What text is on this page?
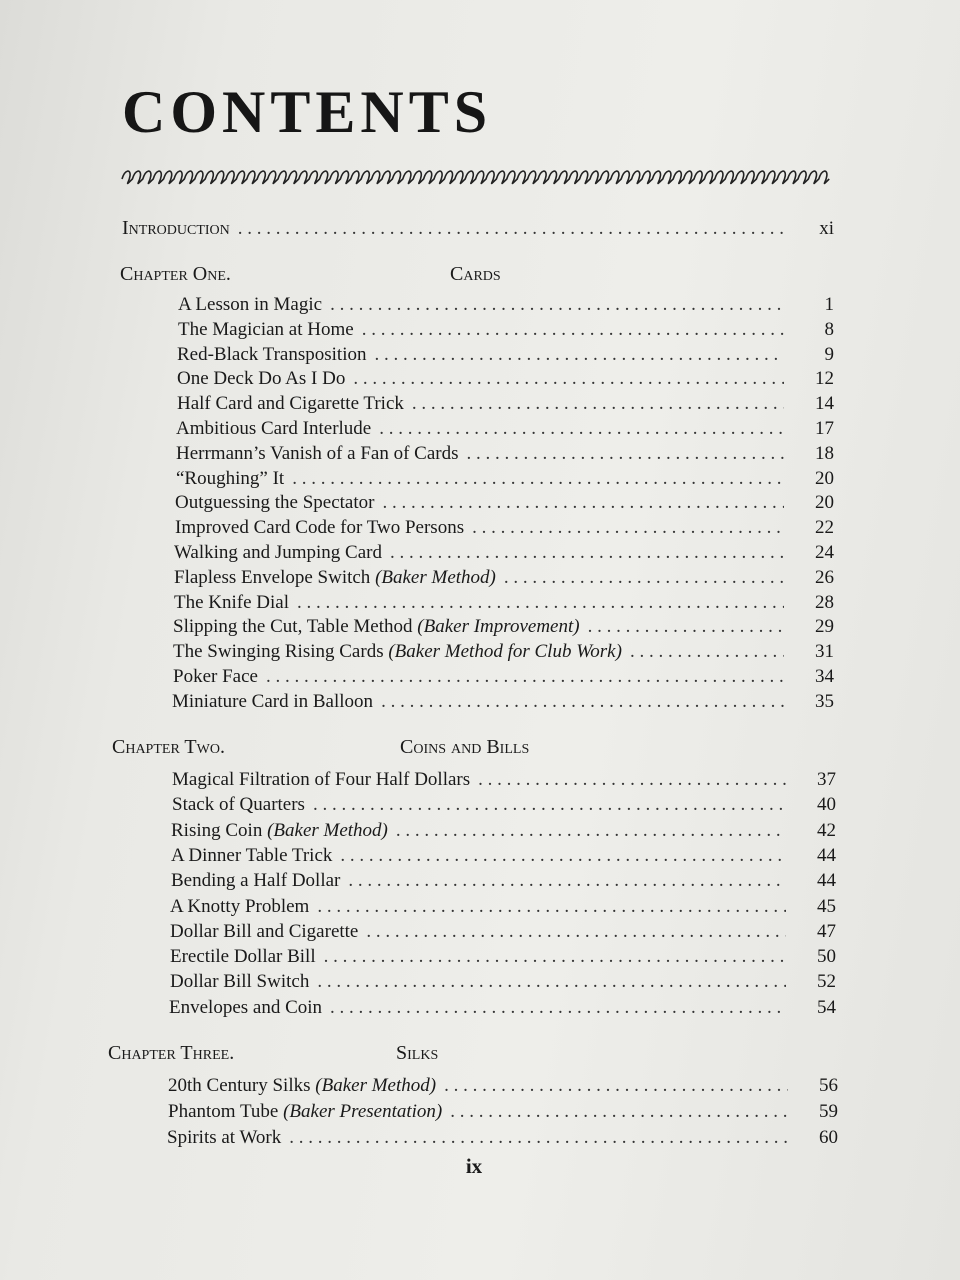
CONTENTS
Introduction . . .	xi
Chapter One.	Cards
A Lesson in Magic . . .	1
The Magician at Home . . .	8
Red-Black Transposition . . .	9
One Deck Do As I Do . . .	12
Half Card and Cigarette Trick . . .	14
Ambitious Card Interlude . . .	17
Herrmann’s Vanish of a Fan of Cards . . .	18
“Roughing” It . . .	20
Outguessing the Spectator . . .	20
Improved Card Code for Two Persons . . .	22
Walking and Jumping Card . . .	24
Flapless Envelope Switch
(Baker Method) . . .	26
The Knife Dial . . .	28
Slipping the Cut, Table Method
(Baker Improvement) . . .	29
The Swinging Rising Cards
(Baker Method for Club Work) . . .	31
Poker Face . . .	34
Miniature Card in Balloon . . .	35
Chapter Two.	Coins and Bills
Magical Filtration of Four Half Dollars . . .	37
Stack of Quarters . . .	40
Rising Coin
(Baker Method) . . .	42
A Dinner Table Trick . . .	44
Bending a Half Dollar . . .	44
A Knotty Problem . . .	45
Dollar Bill and Cigarette . . .	47
Erectile Dollar Bill . . .	50
Dollar Bill Switch . . .	52
Envelopes and Coin . . .	54
Chapter Three.	Silks
20th Century Silks
(Baker Method) . . .	56
Phantom Tube
(Baker Presentation) . . .	59
Spirits at Work . . .	60
ix
